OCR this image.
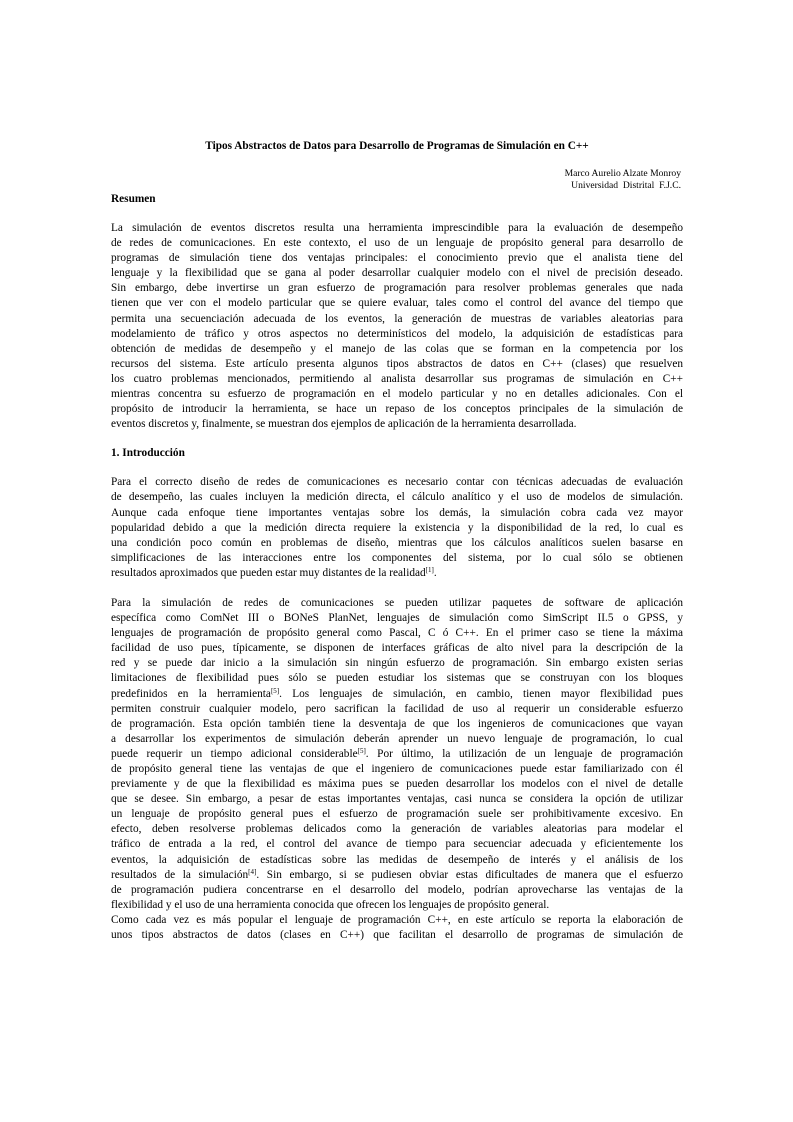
Tipos Abstractos de Datos para Desarrollo de Programas de Simulación en C++
Marco Aurelio Alzate Monroy
Universidad  Distrital  F.J.C.
Resumen
La simulación de eventos discretos resulta una herramienta imprescindible para la evaluación de desempeño
de redes de comunicaciones. En este contexto, el uso de un lenguaje de propósito general para desarrollo de
programas de simulación tiene dos ventajas principales: el conocimiento previo que el analista tiene del
lenguaje y la flexibilidad que se gana al poder desarrollar cualquier modelo con el nivel de precisión deseado.
Sin embargo, debe invertirse un gran esfuerzo de programación para resolver problemas generales que nada
tienen que ver con el modelo particular que se quiere evaluar, tales como el control del avance del tiempo que
permita una secuenciación adecuada de los eventos, la generación de muestras de variables aleatorias para
modelamiento de tráfico y otros aspectos no determinísticos del modelo, la adquisición de estadísticas para
obtención de medidas de desempeño y el manejo de las colas que se forman en la competencia por los
recursos del sistema. Este artículo presenta algunos tipos abstractos de datos en C++ (clases) que resuelven
los cuatro problemas mencionados, permitiendo al analista desarrollar sus programas de simulación en C++
mientras concentra su esfuerzo de programación en el modelo particular y no en detalles adicionales. Con el
propósito de introducir la herramienta, se hace un repaso de los conceptos principales de la simulación de
eventos discretos y, finalmente, se muestran dos ejemplos de aplicación de la herramienta desarrollada.
1. Introducción
Para el correcto diseño de redes de comunicaciones es necesario contar con técnicas adecuadas de evaluación
de desempeño, las cuales incluyen la medición directa, el cálculo analítico y el uso de modelos de simulación.
Aunque cada enfoque tiene importantes ventajas sobre los demás, la simulación cobra cada vez mayor
popularidad debido a que la medición directa requiere la existencia y la disponibilidad de la red, lo cual es
una condición poco común en problemas de diseño, mientras que los cálculos analíticos suelen basarse en
simplificaciones de las interacciones entre los componentes del sistema, por lo cual sólo se obtienen
resultados aproximados que pueden estar muy distantes de la realidad[1].
Para la simulación de redes de comunicaciones se pueden utilizar paquetes de software de aplicación
específica como ComNet III o BONeS PlanNet, lenguajes de simulación como SimScript II.5 o GPSS, y
lenguajes de programación de propósito general como Pascal, C ó C++. En el primer caso se tiene la máxima
facilidad de uso pues, típicamente, se disponen de interfaces gráficas de alto nivel para la descripción de la
red y se puede dar inicio a la simulación sin ningún esfuerzo de programación. Sin embargo existen serias
limitaciones de flexibilidad pues sólo se pueden estudiar los sistemas que se construyan con los bloques
predefinidos en la herramienta[5]. Los lenguajes de simulación, en cambio, tienen mayor flexibilidad pues
permiten construir cualquier modelo, pero sacrifican la facilidad de uso al requerir un considerable esfuerzo
de programación. Esta opción también tiene la desventaja de que los ingenieros de comunicaciones que vayan
a desarrollar los experimentos de simulación deberán aprender un nuevo lenguaje de programación, lo cual
puede requerir un tiempo adicional considerable[5]. Por último, la utilización de un lenguaje de programación
de propósito general tiene las ventajas de que el ingeniero de comunicaciones puede estar familiarizado con él
previamente y de que la flexibilidad es máxima pues se pueden desarrollar los modelos con el nivel de detalle
que se desee. Sin embargo, a pesar de estas importantes ventajas, casi nunca se considera la opción de utilizar
un lenguaje de propósito general pues el esfuerzo de programación suele ser prohibitivamente excesivo. En
efecto, deben resolverse problemas delicados como la generación de variables aleatorias para modelar el
tráfico de entrada a la red, el control del avance de tiempo para secuenciar adecuada y eficientemente los
eventos, la adquisición de estadísticas sobre las medidas de desempeño de interés y el análisis de los
resultados de la simulación[4]. Sin embargo, si se pudiesen obviar estas dificultades de manera que el esfuerzo
de programación pudiera concentrarse en el desarrollo del modelo, podrían aprovecharse las ventajas de la
flexibilidad y el uso de una herramienta conocida que ofrecen los lenguajes de propósito general.
Como cada vez es más popular el lenguaje de programación C++, en este artículo se reporta la elaboración de
unos tipos abstractos de datos (clases en C++) que facilitan el desarrollo de programas de simulación de
